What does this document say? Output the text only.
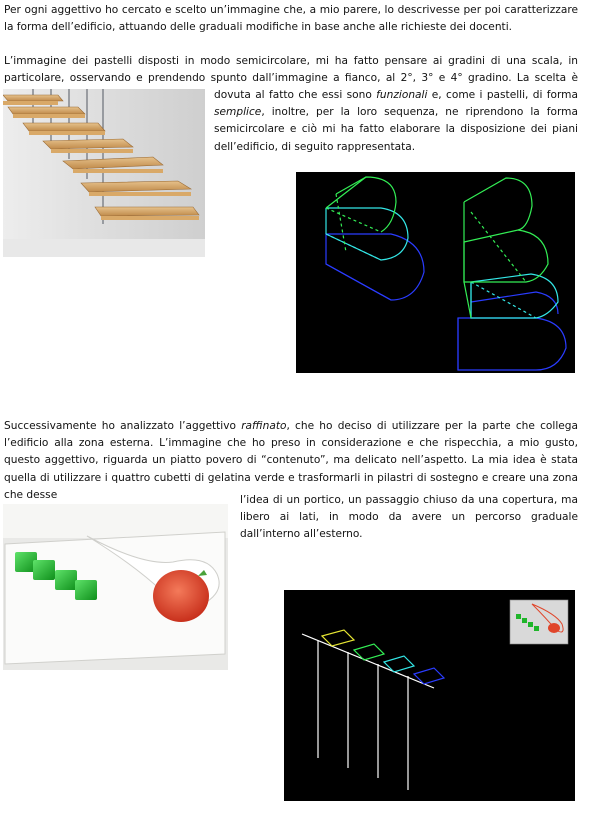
Per ogni aggettivo ho cercato e scelto un’immagine che, a mio parere, lo descrivesse per poi caratterizzare la forma dell’edificio, attuando delle graduali modifiche in base anche alle richieste dei docenti.
L’immagine dei pastelli disposti in modo semicircolare, mi ha fatto pensare ai gradini di una scala, in
particolare, osservando e prendendo spunto dall’immagine a fianco, al 2°, 3° e 4° gradino. La scelta è
dovuta al fatto che essi sono funzionali e, come i pastelli, di forma semplice, inoltre, per la loro sequenza, ne riprendono la forma semicircolare e ciò mi ha fatto elaborare la disposizione dei piani dell’edificio, di seguito rappresentata.
Successivamente ho analizzato l’aggettivo raffinato, che ho deciso di utilizzare per la parte che collega l’edificio alla zona esterna. L’immagine che ho preso in considerazione e che rispecchia, a mio gusto, questo aggettivo, riguarda un piatto povero di “contenuto”, ma delicato nell’aspetto. La mia idea è stata quella di utilizzare i quattro cubetti di gelatina verde e trasformarli in pilastri di sostegno e creare una zona che desse	l’idea di un portico, un passaggio chiuso da una copertura, ma libero ai lati, in modo da avere un percorso graduale dall’interno all’esterno.
